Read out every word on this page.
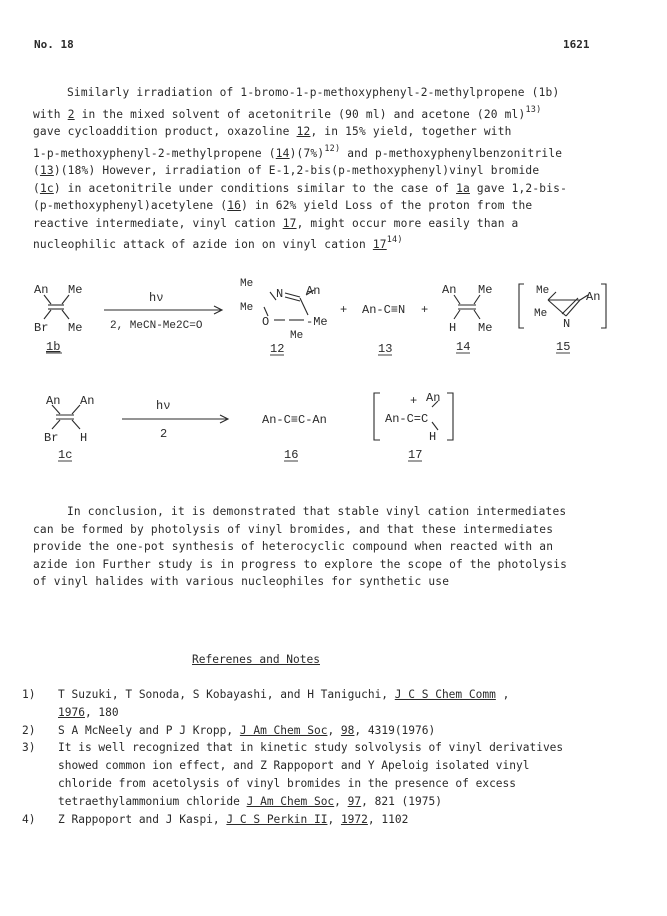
No. 18	1621

Similarly irradiation of 1-bromo-1-p-methoxyphenyl-2-methylpropene (1b)

with 2 in the mixed solvent of acetonitrile (90 ml) and acetone (20 ml)$^{13)}$

gave cycloaddition product, oxazoline 12, in 15% yield, together with

1-p-methoxyphenyl-2-methylpropene $(14)(7\%)^{12)}$ and p-methoxyphenylbenzonitrile

(13)(18%) However, irradiation of E-1,2-bis(p-methoxyphenyl)vinyl bromide

(1c) in acetonitrile under conditions similar to the case of 1a gave 1,2-bis-

(p-methoxyphenyl)acetylene (16) in 62% yield Loss of the proton from the

reactive intermediate, vinyl cation 17, might occur more easily than a

nucleophilic attack of azide ion on vinyl cation 17$^{14)}$

An Me
Br Me
1b
hν
2, MeCN-Me2C=O
Me
N An
Me
O	-Me
Me
12
+ An-C≡N
13
+
An Me
H Me
14
Me	An
Me
N
15
An An
Br H
1c
hν
2
An-C≡C-An
16
+ An
An-C=C
H
17

In conclusion, it is demonstrated that stable vinyl cation intermediates

can be formed by photolysis of vinyl bromides, and that these intermediates

provide the one-pot synthesis of heterocyclic compound when reacted with an

azide ion Further study is in progress to explore the scope of the photolysis

of vinyl halides with various nucleophiles for synthetic use

Referenes and Notes
1) T Suzuki, T Sonoda, S Kobayashi, and H Taniguchi, J C S Chem Comm ,
1976, 180
2) S A McNeely and P J Kropp, J Am Chem Soc, 98, 4319(1976)
3) It is well recognized that in kinetic study solvolysis of vinyl derivatives
showed common ion effect, and Z Rappoport and Y Apeloig isolated vinyl
chloride from acetolysis of vinyl bromides in the presence of excess
tetraethylammonium chloride J Am Chem Soc, 97, 821 (1975)
4) Z Rappoport and J Kaspi, J C S Perkin II, 1972, 1102
